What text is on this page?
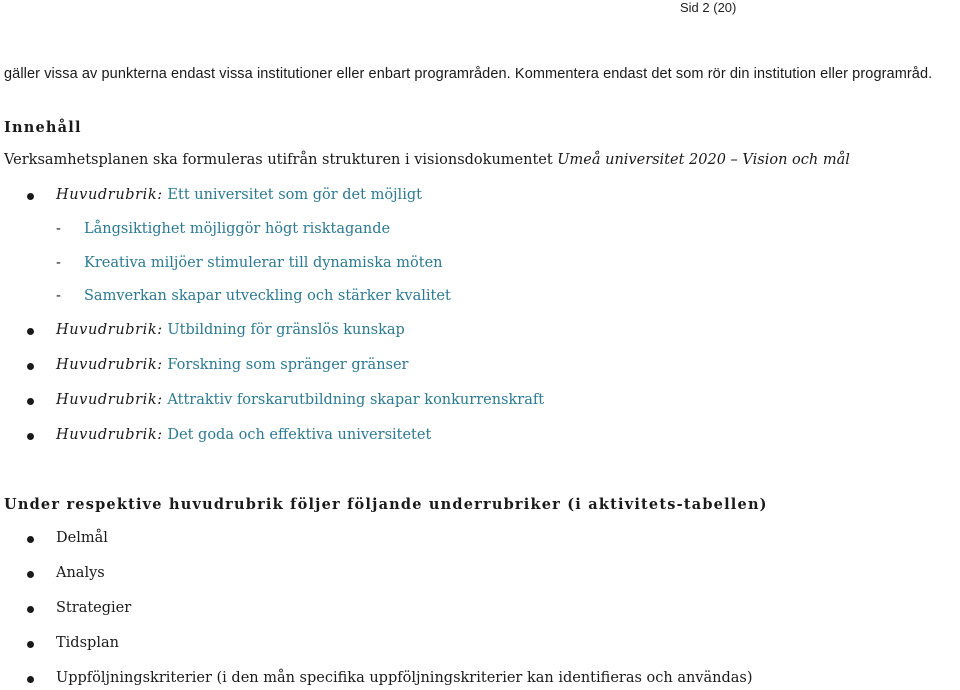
Sid 2 (20)
gäller vissa av punkterna endast vissa institutioner eller enbart programråden. Kommentera endast det som rör din institution eller programråd.
Innehåll
Verksamhetsplanen ska formuleras utifrån strukturen i visionsdokumentet Umeå universitet 2020 – Vision och mål
Huvudrubrik: Ett universitet som gör det möjligt
- Långsiktighet möjliggör högt risktagande
- Kreativa miljöer stimulerar till dynamiska möten
- Samverkan skapar utveckling och stärker kvalitet
Huvudrubrik: Utbildning för gränslös kunskap
Huvudrubrik: Forskning som spränger gränser
Huvudrubrik: Attraktiv forskarutbildning skapar konkurrenskraft
Huvudrubrik: Det goda och effektiva universitetet
Under respektive huvudrubrik följer följande underrubriker (i aktivitets-tabellen)
Delmål
Analys
Strategier
Tidsplan
Uppföljningskriterier (i den mån specifika uppföljningskriterier kan identifieras och användas)
